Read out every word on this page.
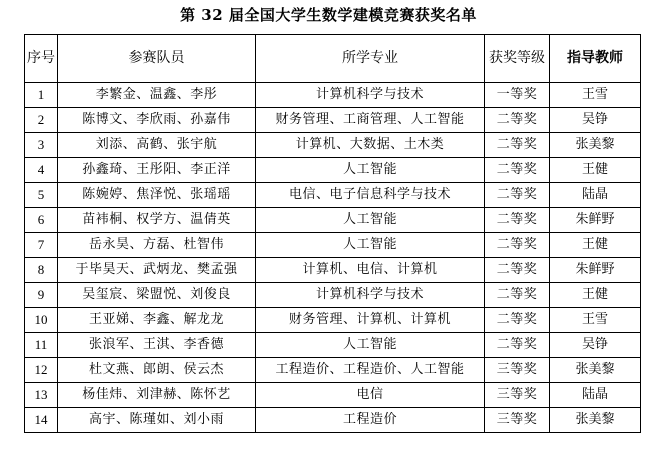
第 32 届全国大学生数学建模竞赛获奖名单
序号	参赛队员	所学专业	获奖等级	指导教师
1	李繁金、温鑫、李彤	计算机科学与技术	一等奖	王雪
2	陈博文、李欣雨、孙嘉伟	财务管理、工商管理、人工智能	二等奖	吴铮
3	刘添、高鹤、张宇航	计算机、大数据、土木类	二等奖	张美黎
4	孙鑫琦、王彤阳、李正洋	人工智能	二等奖	王健
5	陈婉婷、焦泽悦、张瑶瑶	电信、电子信息科学与技术	二等奖	陆晶
6	苗袆桐、权学方、温倩英	人工智能	二等奖	朱鲜野
7	岳永昊、方磊、杜智伟	人工智能	二等奖	王健
8	于毕昊天、武炳龙、樊孟强	计算机、电信、计算机	二等奖	朱鲜野
9	吴玺宸、梁盟悦、刘俊良	计算机科学与技术	二等奖	王健
10	王亚娣、李鑫、解龙龙	财务管理、计算机、计算机	二等奖	王雪
11	张浪军、王淇、李香德	人工智能	二等奖	吴铮
12	杜文燕、郎朗、侯云杰	工程造价、工程造价、人工智能	三等奖	张美黎
13	杨佳炜、刘津赫、陈怀艺	电信	三等奖	陆晶
14	高宇、陈瑾如、刘小雨	工程造价	三等奖	张美黎
